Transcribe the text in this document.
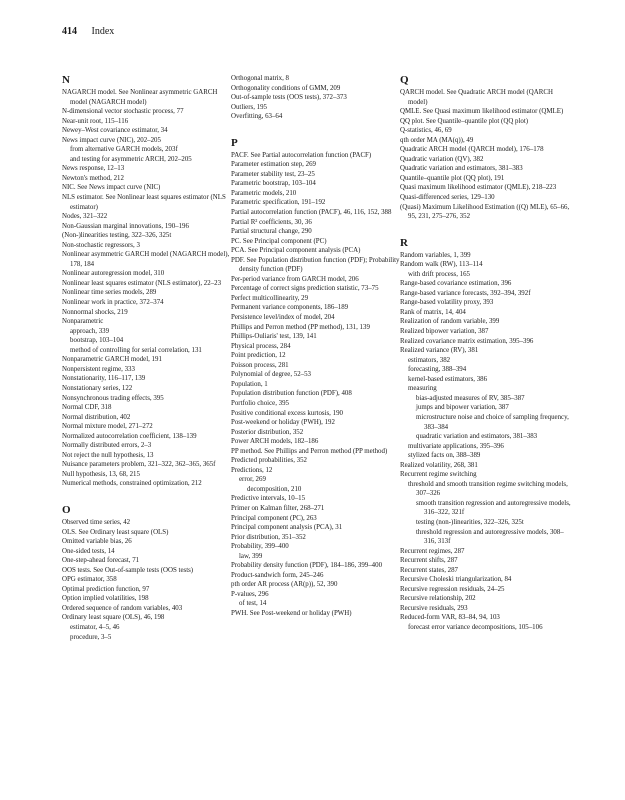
414 Index
N
NAGARCH model. See Nonlinear asymmetric GARCH model (NAGARCH model)
N-dimensional vector stochastic process, 77
Near-unit root, 115–116
Newey–West covariance estimator, 34
News impact curve (NIC), 202–205
from alternative GARCH models, 203f
and testing for asymmetric ARCH, 202–205
News response, 12–13
Newton's method, 212
NIC. See News impact curve (NIC)
NLS estimator. See Nonlinear least squares estimator (NLS estimator)
Nodes, 321–322
Non-Gaussian marginal innovations, 190–196
(Non-)linearities testing, 322–326, 325t
Non-stochastic regressors, 3
Nonlinear asymmetric GARCH model (NAGARCH model), 178, 184
Nonlinear autoregression model, 310
Nonlinear least squares estimator (NLS estimator), 22–23
Nonlinear time series models, 289
Nonlinear work in practice, 372–374
Nonnormal shocks, 219
Nonparametric
approach, 339
bootstrap, 103–104
method of controlling for serial correlation, 131
Nonparametric GARCH model, 191
Nonpersistent regime, 333
Nonstationarity, 116–117, 139
Nonstationary series, 122
Nonsynchronous trading effects, 395
Normal CDF, 318
Normal distribution, 402
Normal mixture model, 271–272
Normalized autocorrelation coefficient, 138–139
Normally distributed errors, 2–3
Not reject the null hypothesis, 13
Nuisance parameters problem, 321–322, 362–365, 365f
Null hypothesis, 13, 68, 215
Numerical methods, constrained optimization, 212
O
Observed time series, 42
OLS. See Ordinary least square (OLS)
Omitted variable bias, 26
One-sided tests, 14
One-step-ahead forecast, 71
OOS tests. See Out-of-sample tests (OOS tests)
OPG estimator, 358
Optimal prediction function, 97
Option implied volatilities, 198
Ordered sequence of random variables, 403
Ordinary least square (OLS), 46, 198
estimator, 4–5, 46
procedure, 3–5
Orthogonal matrix, 8
Orthogonality conditions of GMM, 209
Out-of-sample tests (OOS tests), 372–373
Outliers, 195
Overfitting, 63–64
P
PACF. See Partial autocorrelation function (PACF)
Parameter estimation step, 269
Parameter stability test, 23–25
Parametric bootstrap, 103–104
Parametric models, 210
Parametric specification, 191–192
Partial autocorrelation function (PACF), 46, 116, 152, 388
Partial R² coefficients, 30, 36
Partial structural change, 290
PC. See Principal component (PC)
PCA. See Principal component analysis (PCA)
PDF. See Population distribution function (PDF); Probability density function (PDF)
Per-period variance from GARCH model, 206
Percentage of correct signs prediction statistic, 73–75
Perfect multicollinearity, 29
Permanent variance components, 186–189
Persistence level/index of model, 204
Phillips and Perron method (PP method), 131, 139
Phillips-Ouliaris' test, 139, 141
Physical process, 284
Point prediction, 12
Poisson process, 281
Polynomial of degree, 52–53
Population, 1
Population distribution function (PDF), 408
Portfolio choice, 395
Positive conditional excess kurtosis, 190
Post-weekend or holiday (PWH), 192
Posterior distribution, 352
Power ARCH models, 182–186
PP method. See Phillips and Perron method (PP method)
Predicted probabilities, 352
Predictions, 12
error, 269
decomposition, 210
Predictive intervals, 10–15
Primer on Kalman filter, 268–271
Principal component (PC), 263
Principal component analysis (PCA), 31
Prior distribution, 351–352
Probability, 399–400
law, 399
Probability density function (PDF), 184–186, 399–400
Product-sandwich form, 245–246
pth order AR process (AR(p)), 52, 390
P-values, 296
of test, 14
PWH. See Post-weekend or holiday (PWH)
Q
QARCH model. See Quadratic ARCH model (QARCH model)
QMLE. See Quasi maximum likelihood estimator (QMLE)
QQ plot. See Quantile–quantile plot (QQ plot)
Q-statistics, 46, 69
qth order MA (MA(q)), 49
Quadratic ARCH model (QARCH model), 176–178
Quadratic variation (QV), 382
Quadratic variation and estimators, 381–383
Quantile–quantile plot (QQ plot), 191
Quasi maximum likelihood estimator (QMLE), 218–223
Quasi-differenced series, 129–130
(Quasi) Maximum Likelihood Estimation ((Q) MLE), 65–66, 95, 231, 275–276, 352
R
Random variables, 1, 399
Random walk (RW), 113–114
with drift process, 165
Range-based covariance estimation, 396
Range-based variance forecasts, 392–394, 392f
Range-based volatility proxy, 393
Rank of matrix, 14, 404
Realization of random variable, 399
Realized bipower variation, 387
Realized covariance matrix estimation, 395–396
Realized variance (RV), 381
estimators, 382
forecasting, 388–394
kernel-based estimators, 386
measuring
bias-adjusted measures of RV, 385–387
jumps and bipower variation, 387
microstructure noise and choice of sampling frequency, 383–384
quadratic variation and estimators, 381–383
multivariate applications, 395–396
stylized facts on, 388–389
Realized volatility, 268, 381
Recurrent regime switching
threshold and smooth transition regime switching models, 307–326
smooth transition regression and autoregressive models, 316–322, 321f
testing (non-)linearities, 322–326, 325t
threshold regression and autoregressive models, 308–316, 313f
Recurrent regimes, 287
Recurrent shifts, 287
Recurrent states, 287
Recursive Choleski triangularization, 84
Recursive regression residuals, 24–25
Recursive relationship, 202
Recursive residuals, 293
Reduced-form VAR, 83–84, 94, 103
forecast error variance decompositions, 105–106
